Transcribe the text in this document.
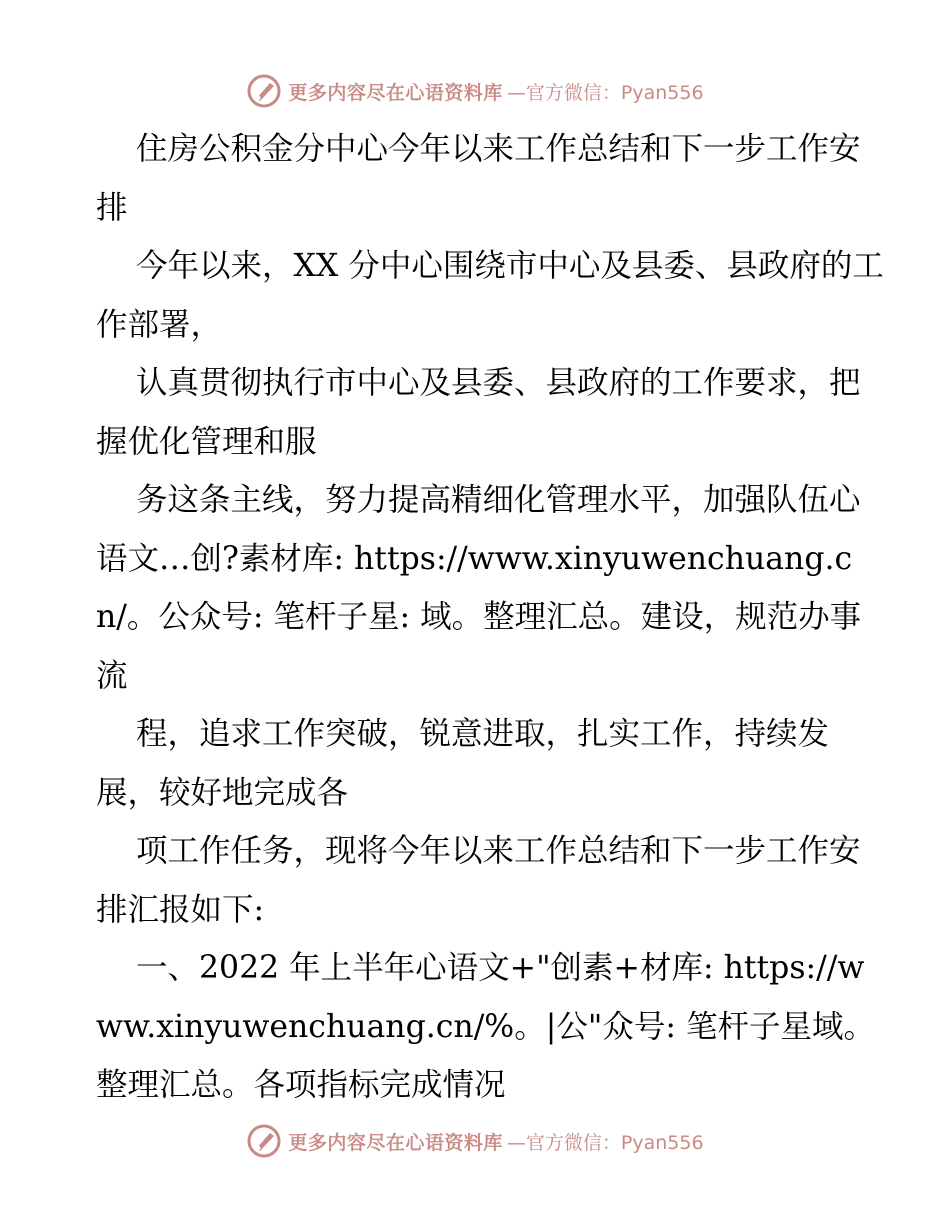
更多内容尽在心语资料库 —官方微信：Pyan556

住房公积金分中心今年以来工作总结和下一步工作安排

今年以来，XX 分中心围绕市中心及县委、县政府的工作部署，

认真贯彻执行市中心及县委、县政府的工作要求，把握优化管理和服

务这条主线，努力提高精细化管理水平，加强队伍心语文…创?素材库: https://www.xinyuwenchuang.cn/。公众号: 笔杆子星: 域。整理汇总。建设，规范办事流

程，追求工作突破，锐意进取，扎实工作，持续发展，较好地完成各

项工作任务，现将今年以来工作总结和下一步工作安排汇报如下:

一、2022 年上半年心语文+"创素+材库: https://www.xinyuwenchuang.cn/%。|公"众号: 笔杆子星域。整理汇总。各项指标完成情况

更多内容尽在心语资料库 —官方微信：Pyan556
